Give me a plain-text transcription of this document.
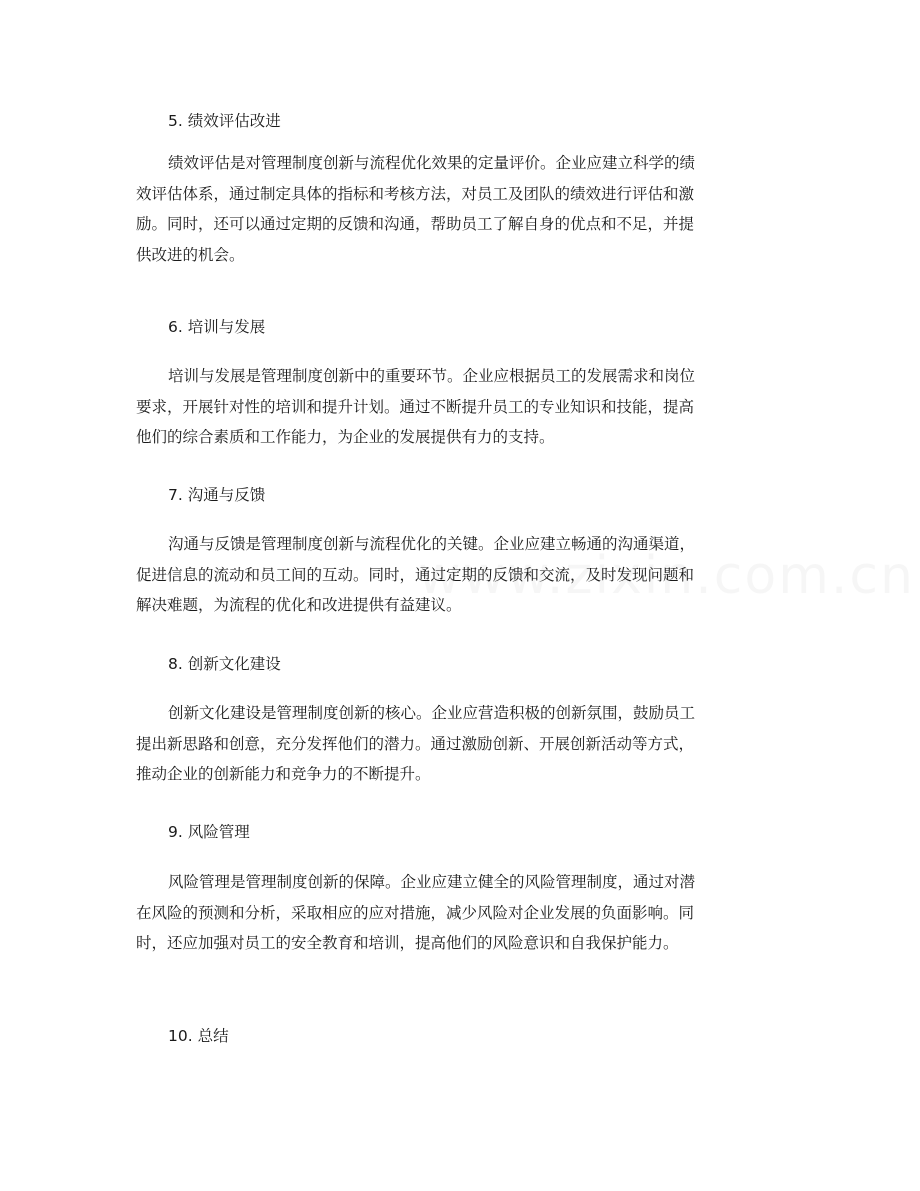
5. 绩效评估改进
绩效评估是对管理制度创新与流程优化效果的定量评价。企业应建立科学的绩
效评估体系，通过制定具体的指标和考核方法，对员工及团队的绩效进行评估和激
励。同时，还可以通过定期的反馈和沟通，帮助员工了解自身的优点和不足，并提
供改进的机会。
6. 培训与发展
培训与发展是管理制度创新中的重要环节。企业应根据员工的发展需求和岗位
要求，开展针对性的培训和提升计划。通过不断提升员工的专业知识和技能，提高
他们的综合素质和工作能力，为企业的发展提供有力的支持。
7. 沟通与反馈
沟通与反馈是管理制度创新与流程优化的关键。企业应建立畅通的沟通渠道，
促进信息的流动和员工间的互动。同时，通过定期的反馈和交流，及时发现问题和
解决难题，为流程的优化和改进提供有益建议。
8. 创新文化建设
创新文化建设是管理制度创新的核心。企业应营造积极的创新氛围，鼓励员工
提出新思路和创意，充分发挥他们的潜力。通过激励创新、开展创新活动等方式，
推动企业的创新能力和竞争力的不断提升。
9. 风险管理
风险管理是管理制度创新的保障。企业应建立健全的风险管理制度，通过对潜
在风险的预测和分析，采取相应的应对措施，减少风险对企业发展的负面影响。同
时，还应加强对员工的安全教育和培训，提高他们的风险意识和自我保护能力。
10. 总结
